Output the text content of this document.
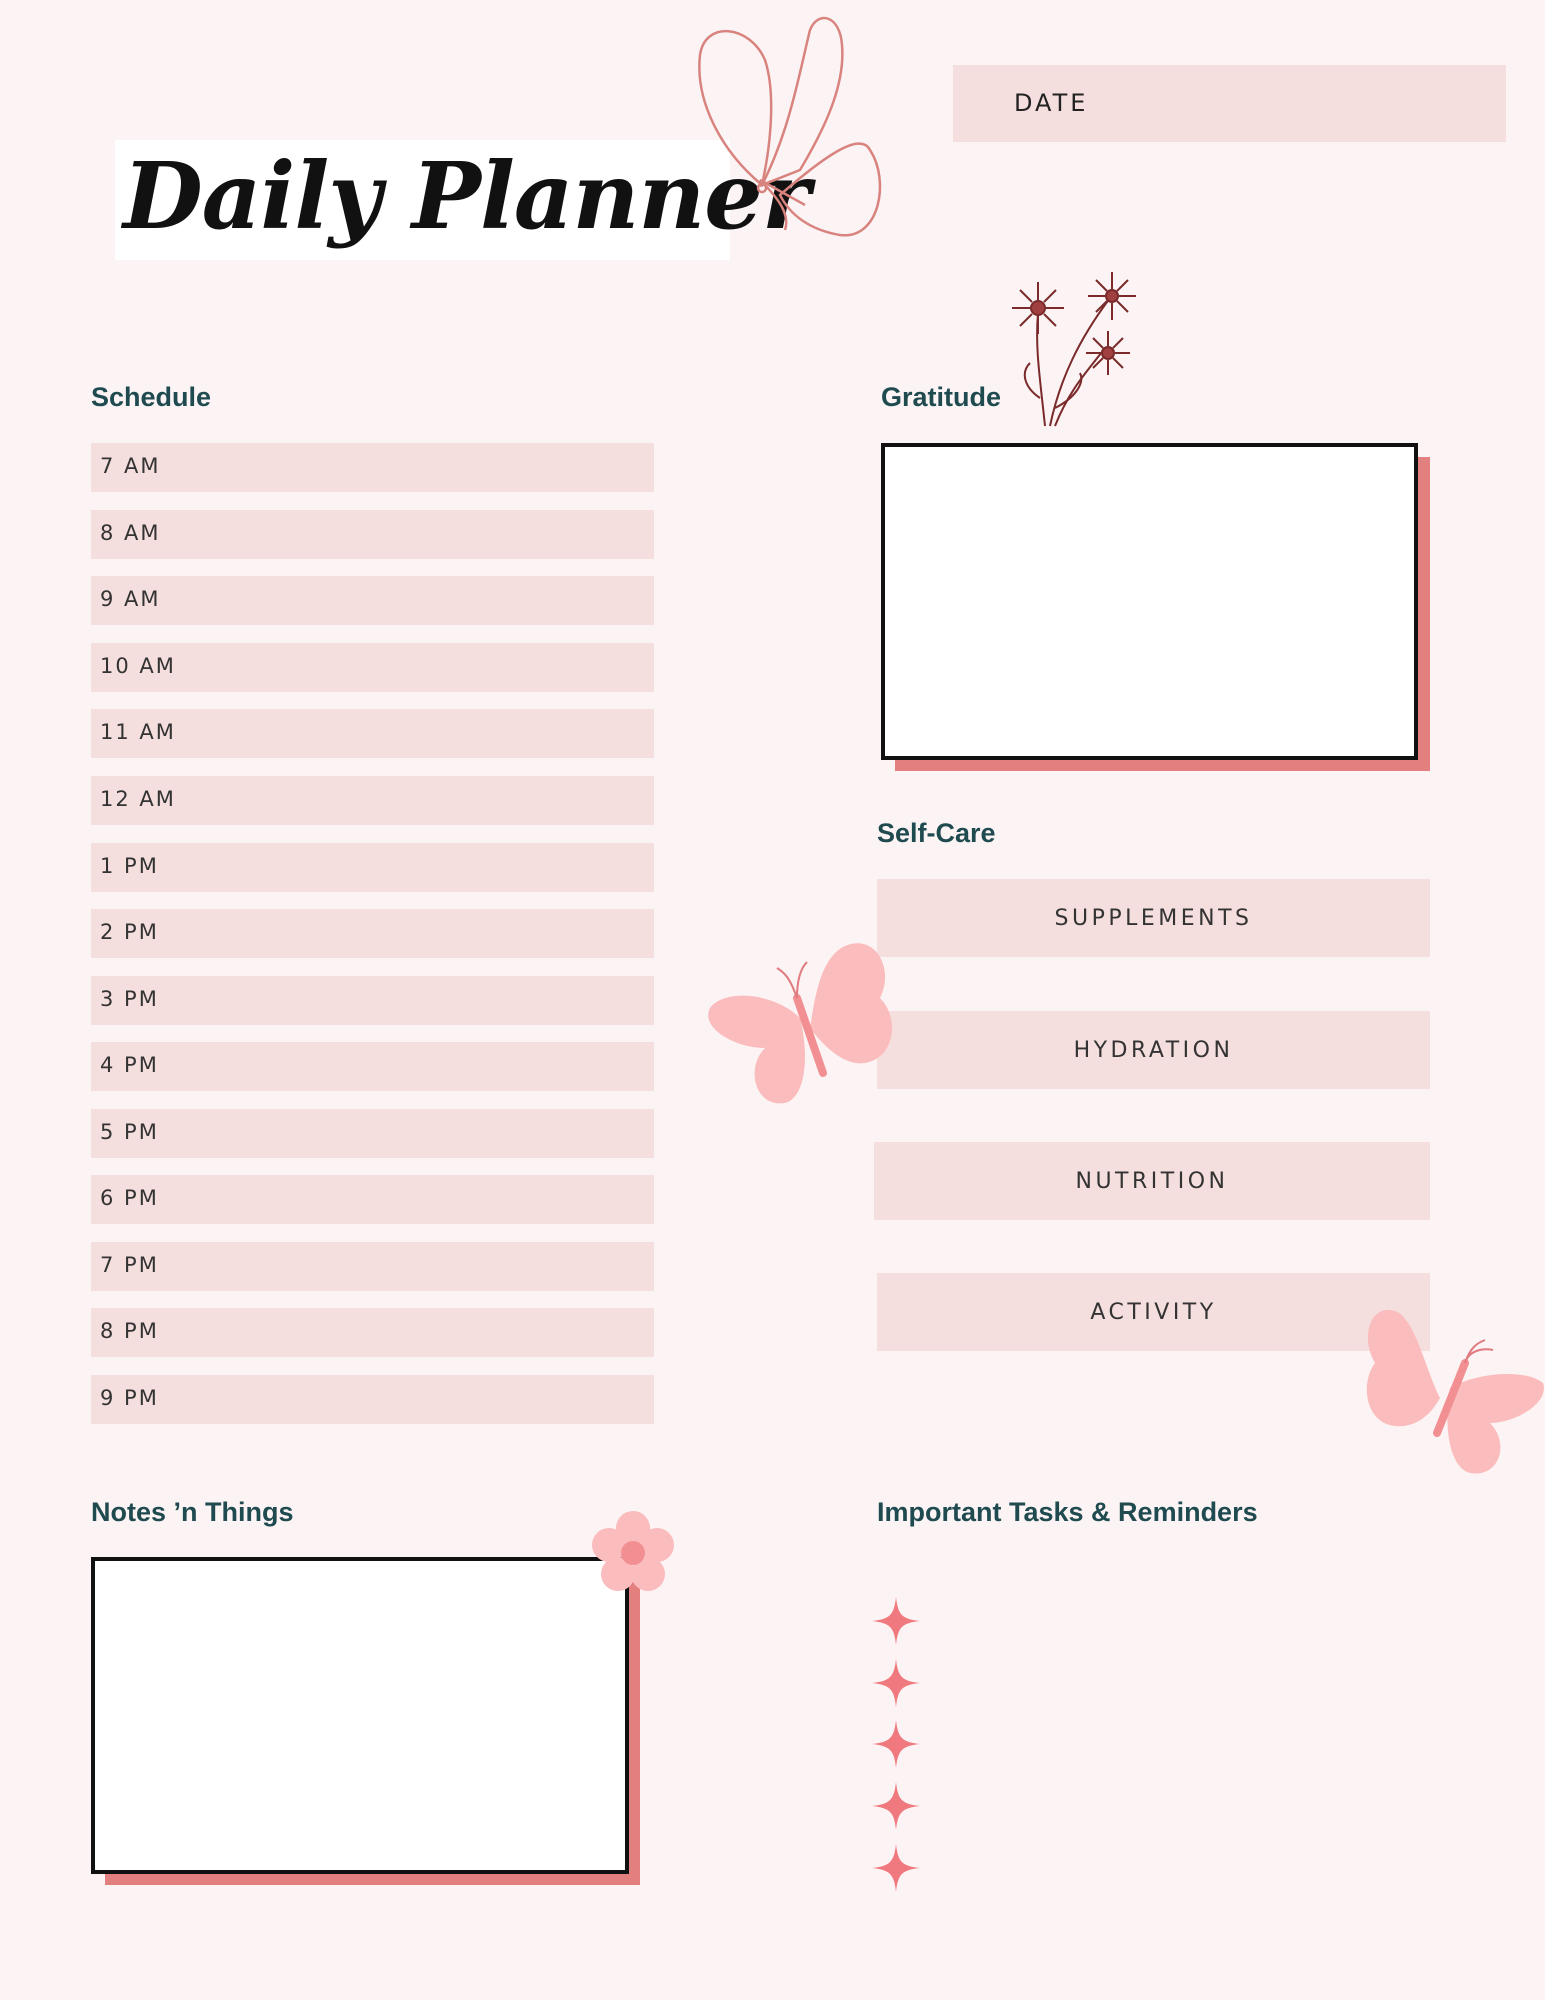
Daily Planner
DATE
Schedule
7 AM
8 AM
9 AM
10 AM
11 AM
12 AM
1 PM
2 PM
3 PM
4 PM
5 PM
6 PM
7 PM
8 PM
9 PM
Gratitude
Self-Care
SUPPLEMENTS
HYDRATION
NUTRITION
ACTIVITY
Notes ’n Things	Important Tasks & Reminders
